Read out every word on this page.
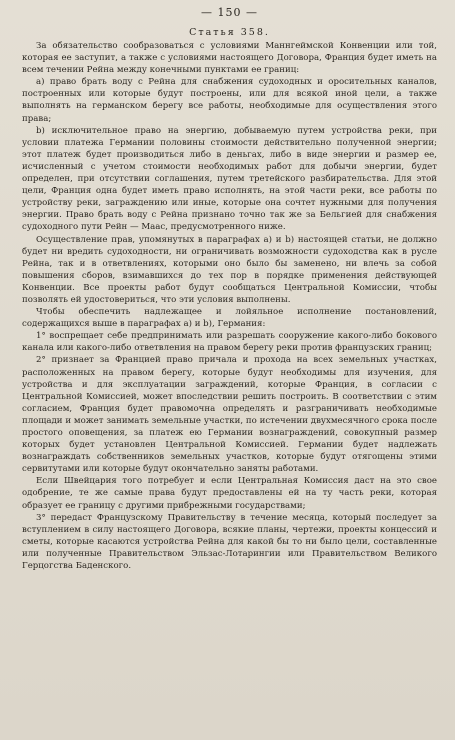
— 150 —
Статья 358.

За обязательство сообразоваться с условиями Маннгеймской Конвенции или той, которая ее заступит, а также с условиями настоящего Договора, Франция будет иметь на всем течении Рейна между конечными пунктами ее границ:

a) право брать воду с Рейна для снабжения судоходных и оросительных каналов, построенных или которые будут построены, или для всякой иной цели, а также выполнять на германском берегу все работы, необходимые для осуществления этого права;

b) исключительное право на энергию, добываемую путем устройства реки, при условии платежа Германии половины стоимости действительно полученной энергии; этот платеж будет производиться либо в деньгах, либо в виде энергии и размер ее, исчисленный с учетом стоимости необходимых работ для добычи энергии, будет определен, при отсутствии соглашения, путем третейского разбирательства. Для этой цели, Франция одна будет иметь право исполнять, на этой части реки, все работы по устройству реки, заграждению или иные, которые она сочтет нужными для получения энергии. Право брать воду с Рейна признано точно так же за Бельгией для снабжения судоходного пути Рейн — Маас, предусмотренного ниже.

Осуществление прав, упомянутых в параграфах a) и b) настоящей статьи, не должно будет ни вредить судоходности, ни ограничивать возможности судоходства как в русле Рейна, так и в ответвлениях, которыми оно было бы заменено, ни влечь за собой повышения сборов, взимавшихся до тех пор в порядке применения действующей Конвенции. Все проекты работ будут сообщаться Центральной Комиссии, чтобы позволять ей удостовериться, что эти условия выполнены.

Чтобы обеспечить надлежащее и лойяльное исполнение постановлений, содержащихся выше в параграфах a) и b), Германия:

1° воспрещает себе предпринимать или разрешать сооружение какого-либо бокового канала или какого-либо ответвления на правом берегу реки против французских границ;

2° признает за Францией право причала и прохода на всех земельных участках, расположенных на правом берегу, которые будут необходимы для изучения, для устройства и для эксплуатации заграждений, которые Франция, в согласии с Центральной Комиссией, может впоследствии решить построить. В соответствии с этим согласием, Франция будет правомочна определять и разграничивать необходимые площади и может занимать земельные участки, по истечении двухмесячного срока после простого оповещения, за платеж ею Германии вознаграждений, совокупный размер которых будет установлен Центральной Комиссией. Германии будет надлежать вознаграждать собственников земельных участков, которые будут отягощены этими сервитутами или которые будут окончательно заняты работами.

Если Швейцария того потребует и если Центральная Комиссия даст на это свое одобрение, те же самые права будут предоставлены ей на ту часть реки, которая образует ее границу с другими прибрежными государствами;

3° передаст Французскому Правительству в течение месяца, который последует за вступлением в силу настоящего Договора, всякие планы, чертежи, проекты концессий и сметы, которые касаются устройства Рейна для какой бы то ни было цели, составленные или полученные Правительством Эльзас-Лотарингии или Правительством Великого Герцогства Баденского.
